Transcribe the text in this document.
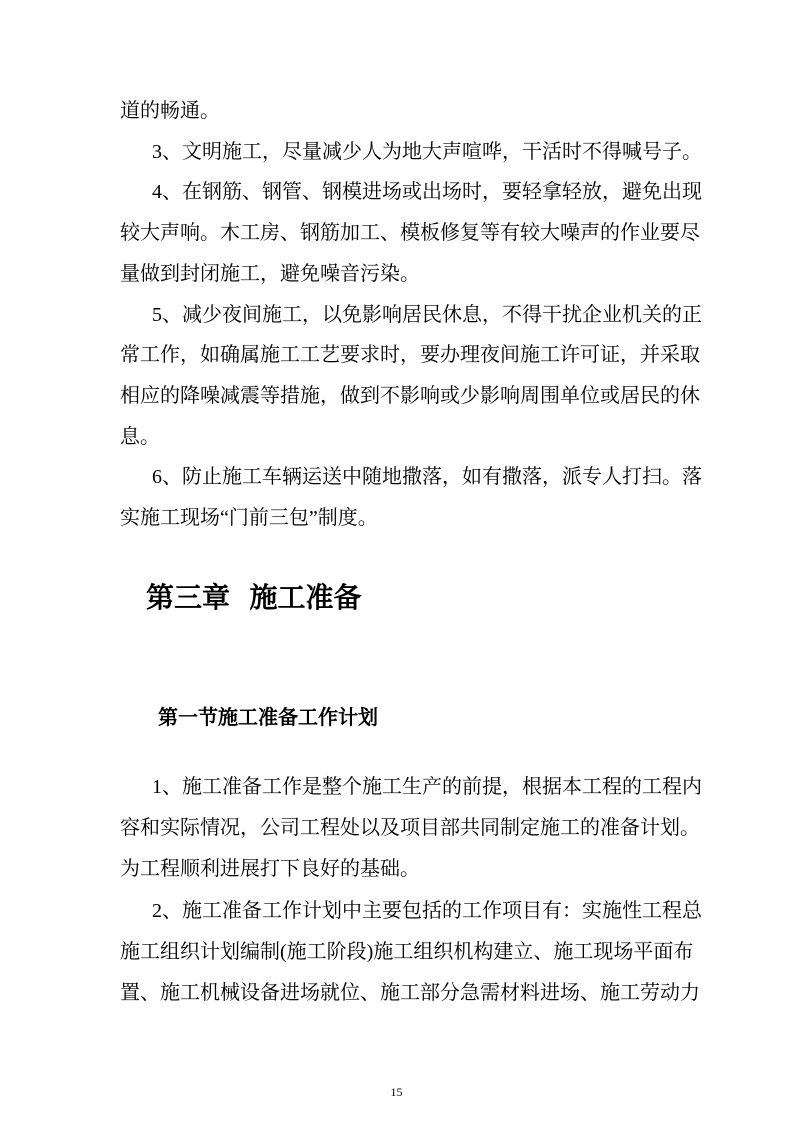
道的畅通。
3、文明施工，尽量减少人为地大声喧哗，干活时不得喊号子。
4、在钢筋、钢管、钢模进场或出场时，要轻拿轻放，避免出现
较大声响。木工房、钢筋加工、模板修复等有较大噪声的作业要尽
量做到封闭施工，避免噪音污染。
5、减少夜间施工，以免影响居民休息，不得干扰企业机关的正
常工作，如确属施工工艺要求时，要办理夜间施工许可证，并采取
相应的降噪减震等措施，做到不影响或少影响周围单位或居民的休
息。
6、防止施工车辆运送中随地撒落，如有撒落，派专人打扫。落
实施工现场“门前三包”制度。
第三章  施工准备
第一节施工准备工作计划
1、施工准备工作是整个施工生产的前提，根据本工程的工程内
容和实际情况，公司工程处以及项目部共同制定施工的准备计划。
为工程顺利进展打下良好的基础。
2、施工准备工作计划中主要包括的工作项目有：实施性工程总
施工组织计划编制(施工阶段)施工组织机构建立、施工现场平面布
置、施工机械设备进场就位、施工部分急需材料进场、施工劳动力
15
